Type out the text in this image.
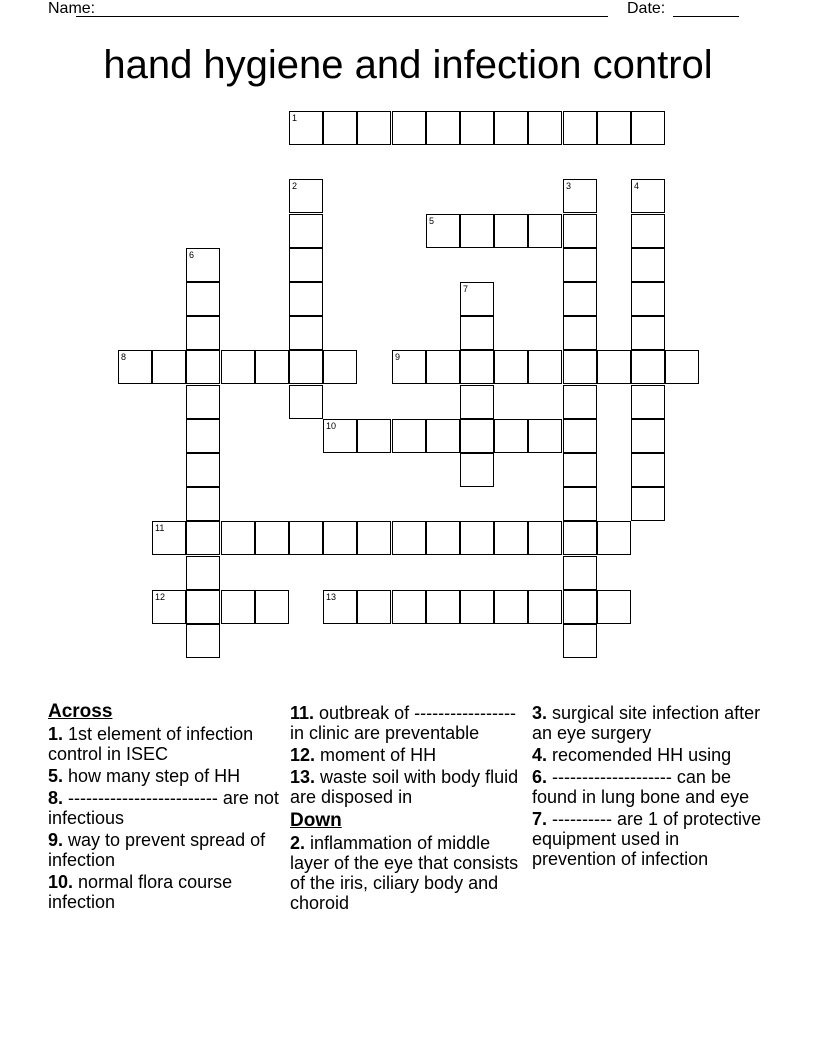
Name:	Date:
hand hygiene and infection control
1
2	3	4
5
6
7
8	9
10
11
12	13
Across

1. 1st element of infection control in ISEC

5. how many step of HH

8. ------------------------- are not infectious

9. way to prevent spread of infection

10. normal flora course infection

11. outbreak of ----------------- in clinic are preventable

12. moment of HH

13. waste soil with body fluid are disposed in

Down

2. inflammation of middle layer of the eye that consists of the iris, ciliary body and choroid

3. surgical site infection after an eye surgery

4. recomended HH using

6. -------------------- can be found in lung bone and eye

7. ---------- are 1 of protective equipment used in prevention of infection
